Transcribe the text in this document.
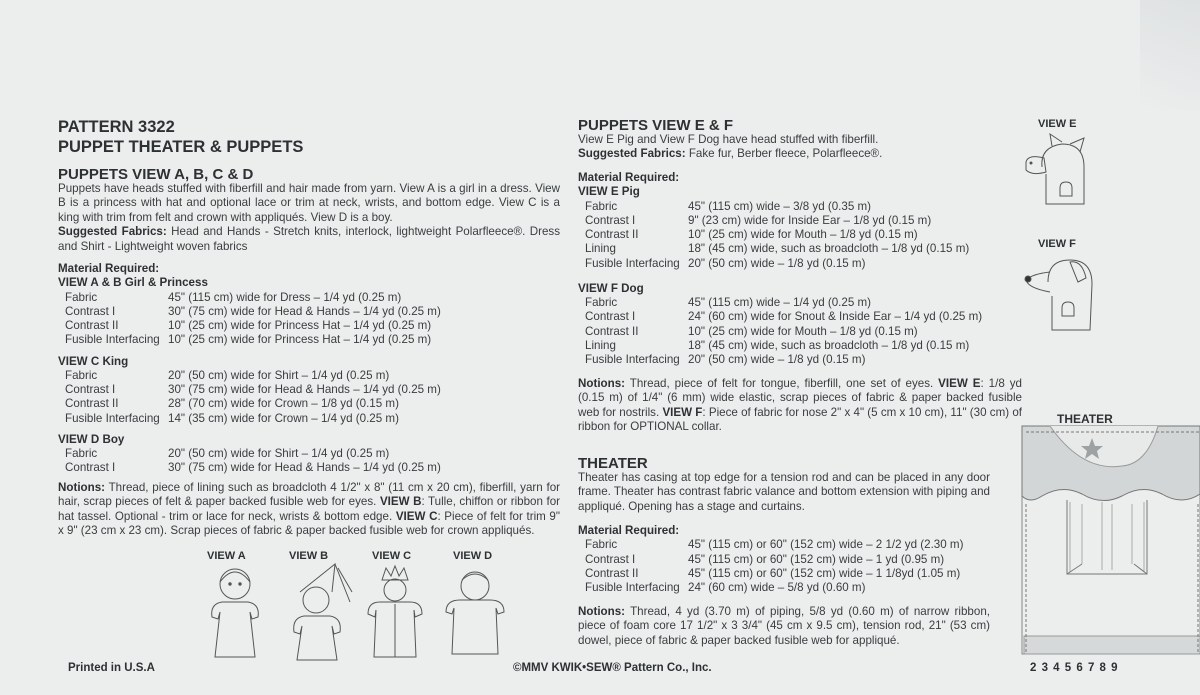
PATTERN 3322
PUPPET THEATER & PUPPETS
PUPPETS VIEW A, B, C & D
Puppets have heads stuffed with fiberfill and hair made from yarn. View A is a girl in a dress. View B is a princess with hat and optional lace or trim at neck, wrists, and bottom edge. View C is a king with trim from felt and crown with appliqués. View D is a boy.
Suggested Fabrics: Head and Hands - Stretch knits, interlock, lightweight Polarfleece®. Dress and Shirt - Lightweight woven fabrics
Material Required:
VIEW A & B Girl & Princess
Fabric	45" (115 cm) wide for Dress – 1/4 yd (0.25 m)
Contrast I	30" (75 cm) wide for Head & Hands – 1/4 yd (0.25 m)
Contrast II	10" (25 cm) wide for Princess Hat – 1/4 yd (0.25 m)
Fusible Interfacing 10" (25 cm) wide for Princess Hat – 1/4 yd (0.25 m)
VIEW C King
Fabric	20" (50 cm) wide for Shirt – 1/4 yd (0.25 m)
Contrast I	30" (75 cm) wide for Head & Hands – 1/4 yd (0.25 m)
Contrast II	28" (70 cm) wide for Crown – 1/8 yd (0.15 m)
Fusible Interfacing 14" (35 cm) wide for Crown – 1/4 yd (0.25 m)
VIEW D Boy
Fabric	20" (50 cm) wide for Shirt – 1/4 yd (0.25 m)
Contrast I	30" (75 cm) wide for Head & Hands – 1/4 yd (0.25 m)
Notions: Thread, piece of lining such as broadcloth 4 1/2" x 8" (11 cm x 20 cm), fiberfill, yarn for hair, scrap pieces of felt & paper backed fusible web for eyes. VIEW B: Tulle, chiffon or ribbon for hat tassel. Optional - trim or lace for neck, wrists & bottom edge. VIEW C: Piece of felt for trim 9" x 9" (23 cm x 23 cm). Scrap pieces of fabric & paper backed fusible web for crown appliqués.
VIEW A	VIEW B	VIEW C	VIEW D
Printed in U.S.A
PUPPETS VIEW E & F
View E Pig and View F Dog have head stuffed with fiberfill.
Suggested Fabrics: Fake fur, Berber fleece, Polarfleece®.
Material Required:
VIEW E Pig
Fabric	45" (115 cm) wide – 3/8 yd (0.35 m)
Contrast I	9" (23 cm) wide for Inside Ear – 1/8 yd (0.15 m)
Contrast II	10" (25 cm) wide for Mouth – 1/8 yd (0.15 m)
Lining	18" (45 cm) wide, such as broadcloth – 1/8 yd (0.15 m)
Fusible Interfacing 20" (50 cm) wide – 1/8 yd (0.15 m)
VIEW F Dog
Fabric	45" (115 cm) wide – 1/4 yd (0.25 m)
Contrast I	24" (60 cm) wide for Snout & Inside Ear – 1/4 yd (0.25 m)
Contrast II	10" (25 cm) wide for Mouth – 1/8 yd (0.15 m)
Lining	18" (45 cm) wide, such as broadcloth – 1/8 yd (0.15 m)
Fusible Interfacing 20" (50 cm) wide – 1/8 yd (0.15 m)
Notions: Thread, piece of felt for tongue, fiberfill, one set of eyes. VIEW E: 1/8 yd (0.15 m) of 1/4" (6 mm) wide elastic, scrap pieces of fabric & paper backed fusible web for nostrils. VIEW F: Piece of fabric for nose 2" x 4" (5 cm x 10 cm), 11" (30 cm) of ribbon for OPTIONAL collar.
THEATER
Theater has casing at top edge for a tension rod and can be placed in any door frame. Theater has contrast fabric valance and bottom extension with piping and appliqué. Opening has a stage and curtains.
Material Required:
Fabric	45" (115 cm) or 60" (152 cm) wide – 2 1/2 yd (2.30 m)
Contrast I	45" (115 cm) or 60" (152 cm) wide – 1 yd (0.95 m)
Contrast II	45" (115 cm) or 60" (152 cm) wide – 1 1/8yd (1.05 m)
Fusible Interfacing 24" (60 cm) wide – 5/8 yd (0.60 m)
Notions: Thread, 4 yd (3.70 m) of piping, 5/8 yd (0.60 m) of narrow ribbon, piece of foam core 17 1/2" x 3 3/4" (45 cm x 9.5 cm), tension rod, 21" (53 cm) dowel, piece of fabric & paper backed fusible web for appliqué.
©MMV KWIK•SEW® Pattern Co., Inc.
VIEW E
VIEW F
THEATER
2 3 4 5 6 7 8 9
